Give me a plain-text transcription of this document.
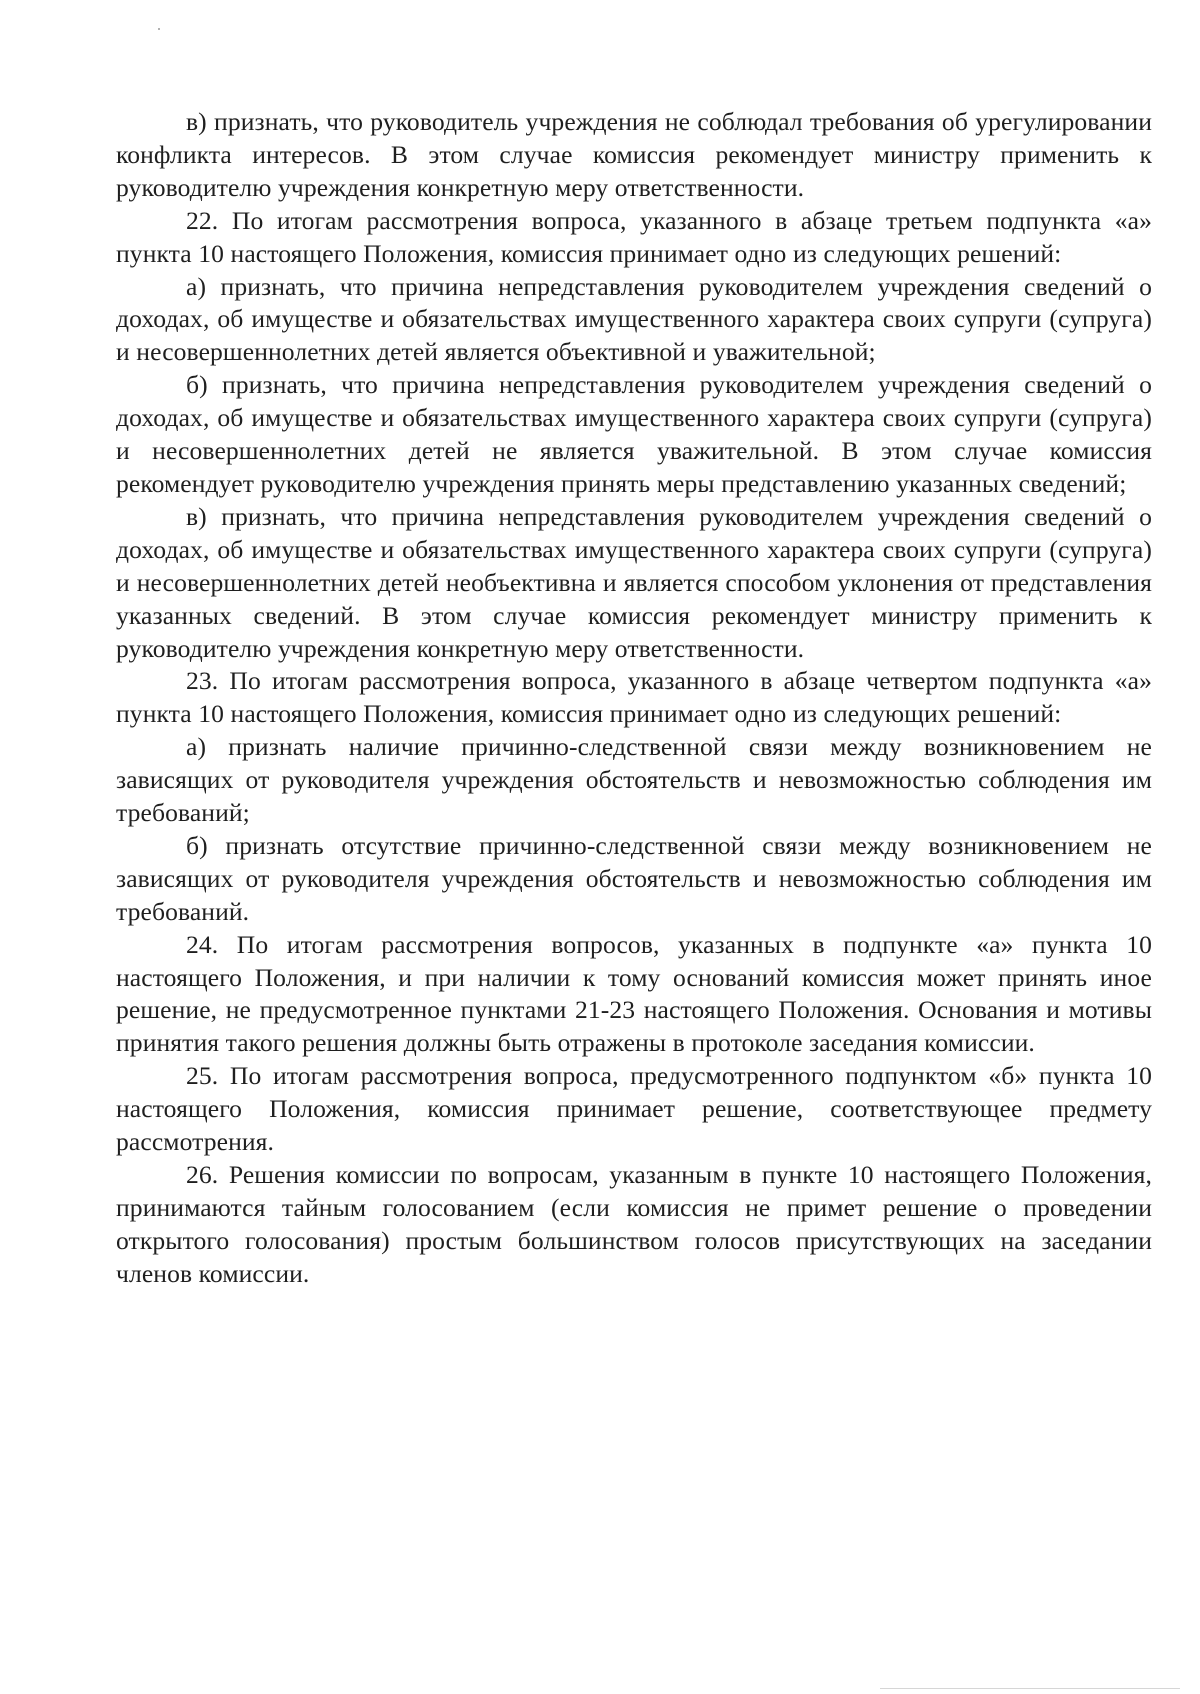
в) признать, что руководитель учреждения не соблюдал требования об урегулировании конфликта интересов. В этом случае комиссия рекомендует министру применить к руководителю учреждения конкретную меру ответственности.

22. По итогам рассмотрения вопроса, указанного в абзаце третьем подпункта «а» пункта 10 настоящего Положения, комиссия принимает одно из следующих решений:

а) признать, что причина непредставления руководителем учреждения сведений о доходах, об имуществе и обязательствах имущественного характера своих супруги (супруга) и несовершеннолетних детей является объективной и уважительной;

б) признать, что причина непредставления руководителем учреждения сведений о доходах, об имуществе и обязательствах имущественного характера своих супруги (супруга) и несовершеннолетних детей не является уважительной. В этом случае комиссия рекомендует руководителю учреждения принять меры представлению указанных сведений;

в) признать, что причина непредставления руководителем учреждения сведений о доходах, об имуществе и обязательствах имущественного характера своих супруги (супруга) и несовершеннолетних детей необъективна и является способом уклонения от представления указанных сведений. В этом случае комиссия рекомендует министру применить к руководителю учреждения конкретную меру ответственности.

23. По итогам рассмотрения вопроса, указанного в абзаце четвертом подпункта «а» пункта 10 настоящего Положения, комиссия принимает одно из следующих решений:

а) признать наличие причинно-следственной связи между возникновением не зависящих от руководителя учреждения обстоятельств и невозможностью соблюдения им требований;

б) признать отсутствие причинно-следственной связи между возникновением не зависящих от руководителя учреждения обстоятельств и невозможностью соблюдения им требований.

24. По итогам рассмотрения вопросов, указанных в подпункте «а» пункта 10 настоящего Положения, и при наличии к тому оснований комиссия может принять иное решение, не предусмотренное пунктами 21-23 настоящего Положения. Основания и мотивы принятия такого решения должны быть отражены в протоколе заседания комиссии.

25. По итогам рассмотрения вопроса, предусмотренного подпунктом «б» пункта 10 настоящего Положения, комиссия принимает решение, соответствующее предмету рассмотрения.

26. Решения комиссии по вопросам, указанным в пункте 10 настоящего Положения, принимаются тайным голосованием (если комиссия не примет решение о проведении открытого голосования) простым большинством голосов присутствующих на заседании членов комиссии.
